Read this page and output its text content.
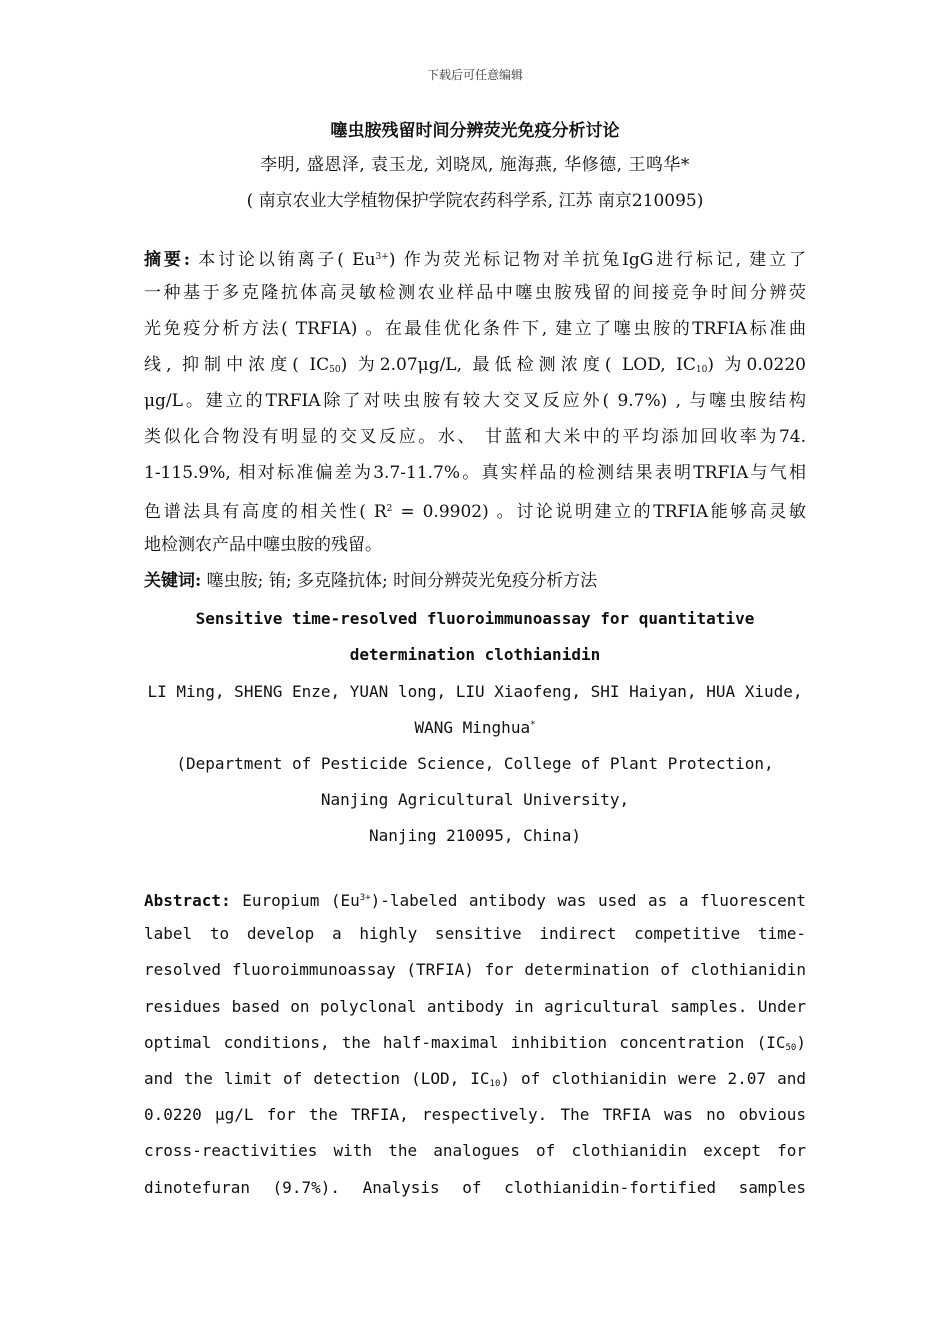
下载后可任意编辑
噻虫胺残留时间分辨荧光免疫分析讨论
李明, 盛恩泽, 袁玉龙, 刘晓凤, 施海燕, 华修德, 王鸣华*
( 南京农业大学植物保护学院农药科学系, 江苏 南京210095)
摘要: 本讨论以铕离子( $Eu^{3+}$) 作为荧光标记物对羊抗兔IgG进行标记, 建立了
一种基于多克隆抗体高灵敏检测农业样品中噻虫胺残留的间接竞争时间分辨荧
光免疫分析方法( TRFIA) 。在最佳优化条件下, 建立了噻虫胺的TRFIA标准曲
线, 抑制中浓度( $IC_{50}$) 为2.07μg/L, 最低检测浓度( LOD, $IC_{10}$) 为0.0220
μg/L。建立的TRFIA除了对呋虫胺有较大交叉反应外( 9.7%) , 与噻虫胺结构
类似化合物没有明显的交叉反应。水、 甘蓝和大米中的平均添加回收率为74.
1-115.9%, 相对标准偏差为3.7-11.7%。真实样品的检测结果表明TRFIA与气相
色谱法具有高度的相关性( $R^2 = 0.9902$) 。讨论说明建立的TRFIA能够高灵敏
地检测农产品中噻虫胺的残留。
关键词: 噻虫胺; 铕; 多克隆抗体; 时间分辨荧光免疫分析方法
Sensitive time-resolved fluoroimmunoassay for quantitative
determination clothianidin
LI Ming, SHENG Enze, YUAN long, LIU Xiaofeng, SHI Haiyan, HUA Xiude,
WANG Minghua*
(Department of Pesticide Science, College of Plant Protection,
Nanjing Agricultural University,
Nanjing 210095, China)
Abstract: Europium $(Eu^{3+})$-labeled antibody was used as a fluorescent
label to develop a highly sensitive indirect competitive time-
resolved fluoroimmunoassay (TRFIA) for determination of clothianidin
residues based on polyclonal antibody in agricultural samples. Under
optimal conditions, the half-maximal inhibition concentration $(IC_{50})$
and the limit of detection (LOD, $IC_{10}$) of clothianidin were 2.07 and
0.0220 μg/L for the TRFIA, respectively. The TRFIA was no obvious
cross-reactivities with the analogues of clothianidin except for
dinotefuran (9.7%). Analysis of clothianidin-fortified samples
